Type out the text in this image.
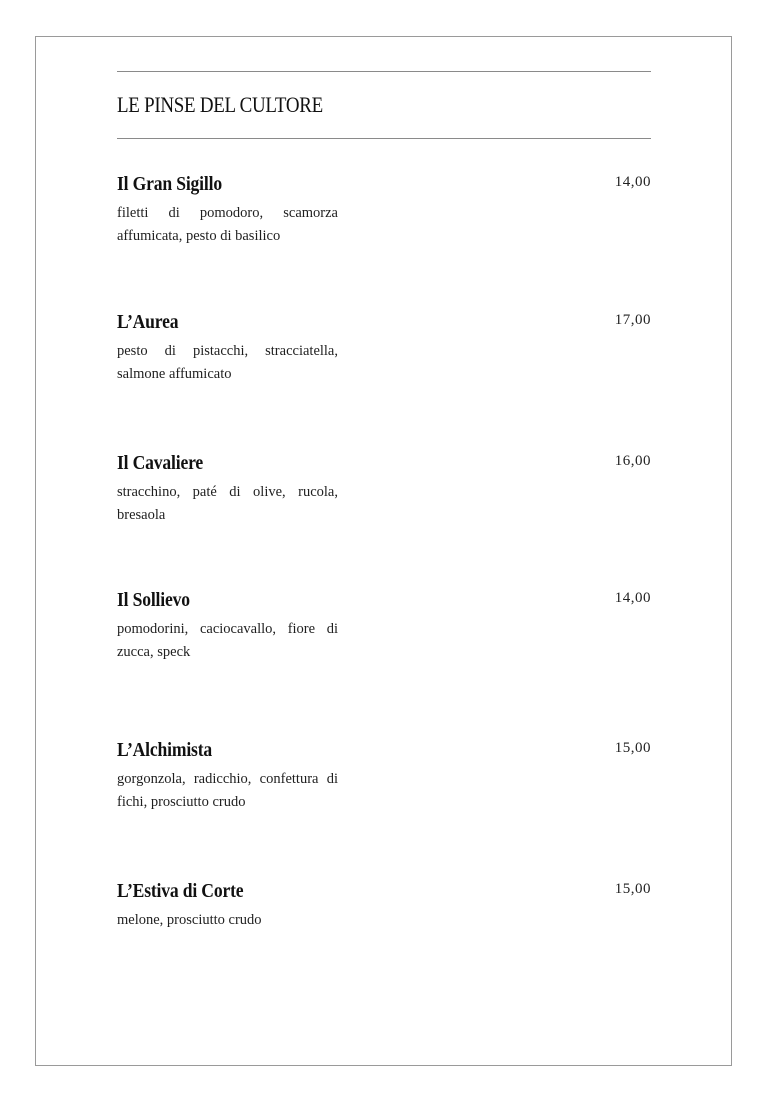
LE PINSE DEL CULTORE
Il Gran Sigillo	14,00
filetti di pomodoro, scamorza affumicata, pesto di basilico
L’Aurea	17,00
pesto di pistacchi, stracciatella, salmone affumicato
Il Cavaliere	16,00
stracchino, paté di olive, rucola, bresaola
Il Sollievo	14,00
pomodorini, caciocavallo, fiore di zucca, speck
L’Alchimista	15,00
gorgonzola, radicchio, confettura di fichi, prosciutto crudo
L’Estiva di Corte	15,00
melone, prosciutto crudo
